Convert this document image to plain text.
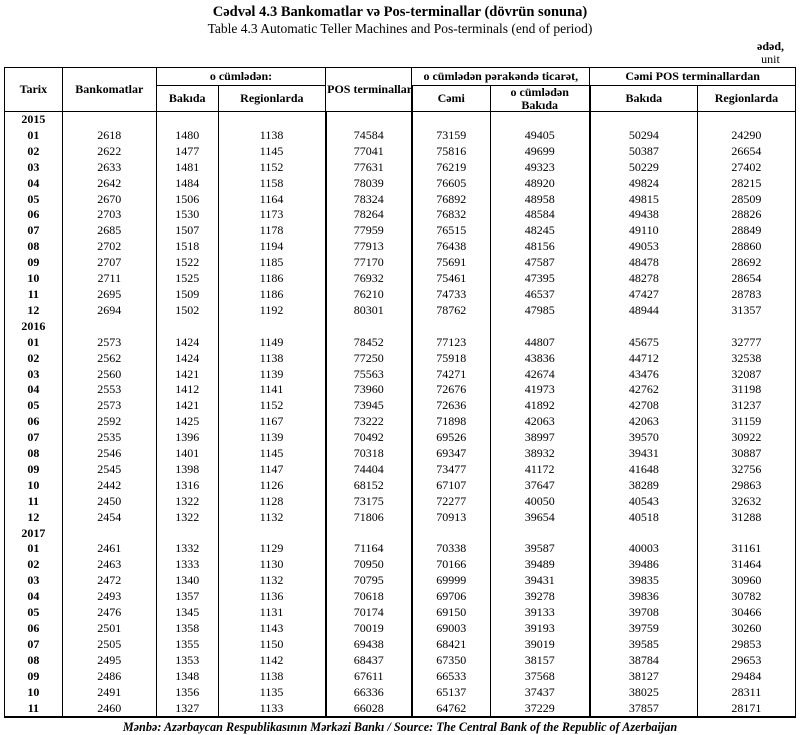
Cədvəl 4.3 Bankomatlar və Pos-terminallar (dövrün sonuna)
Table 4.3 Automatic Teller Machines and Pos-terminals (end of period)
ədəd,
unit
Tarix	Bankomatlar	o cümlədən:		POS terminallar	o cümlədən pərakəndə ticarət,		Cəmi POS terminallardan	
		Bakıda	Regionlarda		Cəmi	o cümlədən Bakıda	Bakıda	Regionlarda
2015								
01	2618	1480	1138	74584	73159	49405	50294	24290
02	2622	1477	1145	77041	75816	49699	50387	26654
03	2633	1481	1152	77631	76219	49323	50229	27402
04	2642	1484	1158	78039	76605	48920	49824	28215
05	2670	1506	1164	78324	76892	48958	49815	28509
06	2703	1530	1173	78264	76832	48584	49438	28826
07	2685	1507	1178	77959	76515	48245	49110	28849
08	2702	1518	1194	77913	76438	48156	49053	28860
09	2707	1522	1185	77170	75691	47587	48478	28692
10	2711	1525	1186	76932	75461	47395	48278	28654
11	2695	1509	1186	76210	74733	46537	47427	28783
12	2694	1502	1192	80301	78762	47985	48944	31357
2016								
01	2573	1424	1149	78452	77123	44807	45675	32777
02	2562	1424	1138	77250	75918	43836	44712	32538
03	2560	1421	1139	75563	74271	42674	43476	32087
04	2553	1412	1141	73960	72676	41973	42762	31198
05	2573	1421	1152	73945	72636	41892	42708	31237
06	2592	1425	1167	73222	71898	42063	42063	31159
07	2535	1396	1139	70492	69526	38997	39570	30922
08	2546	1401	1145	70318	69347	38932	39431	30887
09	2545	1398	1147	74404	73477	41172	41648	32756
10	2442	1316	1126	68152	67107	37647	38289	29863
11	2450	1322	1128	73175	72277	40050	40543	32632
12	2454	1322	1132	71806	70913	39654	40518	31288
2017								
01	2461	1332	1129	71164	70338	39587	40003	31161
02	2463	1333	1130	70950	70166	39489	39486	31464
03	2472	1340	1132	70795	69999	39431	39835	30960
04	2493	1357	1136	70618	69706	39278	39836	30782
05	2476	1345	1131	70174	69150	39133	39708	30466
06	2501	1358	1143	70019	69003	39193	39759	30260
07	2505	1355	1150	69438	68421	39019	39585	29853
08	2495	1353	1142	68437	67350	38157	38784	29653
09	2486	1348	1138	67611	66533	37568	38127	29484
10	2491	1356	1135	66336	65137	37437	38025	28311
11	2460	1327	1133	66028	64762	37229	37857	28171
Mənbə: Azərbaycan Respublikasının Mərkəzi Bankı / Source: The Central Bank of the Republic of Azerbaijan
